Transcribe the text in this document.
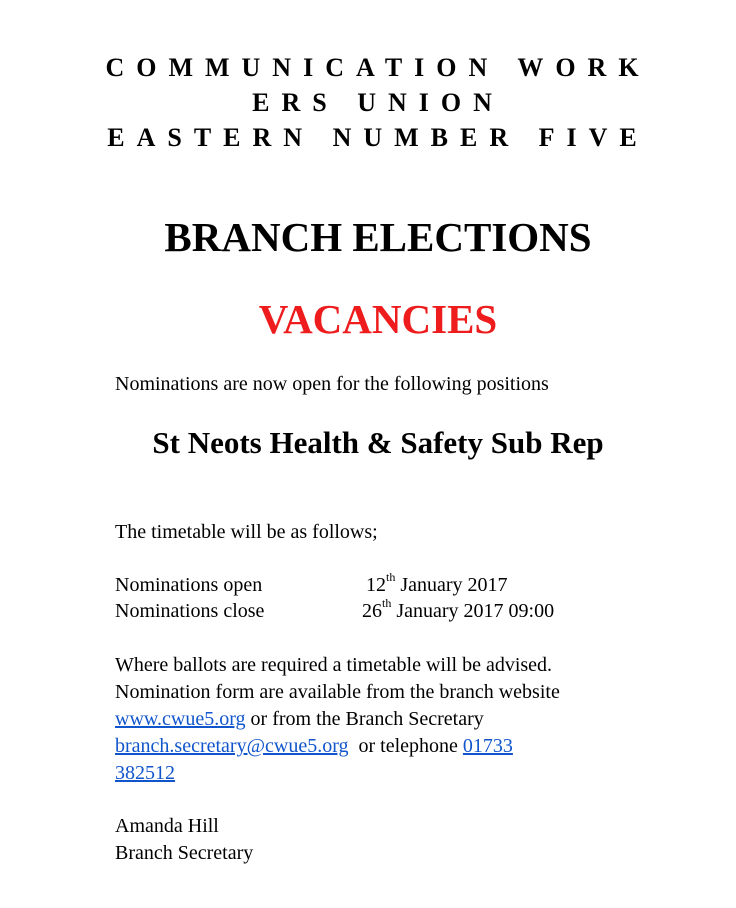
COMMUNICATION WORK
ERS UNION
EASTERN NUMBER FIVE
BRANCH ELECTIONS
VACANCIES
Nominations are now open for the following positions
St Neots Health & Safety Sub Rep
The timetable will be as follows;
Nominations open	12th January 2017
Nominations close	26th January 2017 09:00
Where ballots are required a timetable will be advised.
Nomination form are available from the branch website
www.cwue5.org or from the Branch Secretary
branch.secretary@cwue5.org  or telephone 01733
382512
Amanda Hill
Branch Secretary
